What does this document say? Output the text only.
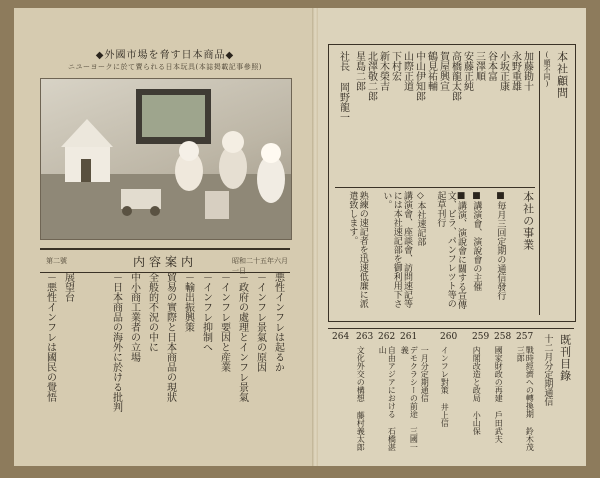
◆外國市場を脅す日本商品◆
ニユーヨークに於て賣られる日本玩具(本誌掲載記事參照)
昭和二十五年六月一日
内容案内
第二號
悪性インフレは起るか
－インフレ景氣の原因
－政府の處理とインフレ景氣
－インフレ要因と産業
－インフレ抑制へ
－輸出振興策
貿易の實際と日本商品の現狀
全般的不況の中に
中小商工業者の立場
－日本商品の海外に於ける批判
展望台
－悪性インフレは國民の覺悟
本社顧問
(順不同)
加藤勘十
永野重雄
小坂正康
谷本富
三澤順
安藤正純
高橋龍太郎
賀屋興宣
鶴見祐輔
中山伊知郎
山際正道
下村宏
新木榮吉
北澤敬二郎
星島二郎
社長 岡野龍一
本社の事業
■毎月三回定期の通信發行
■講演會、演說會の主催
■講演、演說會に關する宣傳文、ビラ、パンフレツト等の起草刊行
◇本社速記部
講演會、座談會、訪問速記等には本社速記部を御利用下さい。
熟練の速記者を迅速低廉に派遣致します。
既刊目錄
十二月分定期通信
257
258
259
260
261
262
263
264
戰時經濟への轉換期 鈴木茂三郎
國家財政の再建 戶田武夫
内閣改造と政局 小山保
インフレ對策 井上信
一月分定期通信
デモクラシーの前途 三國一義
自由アジアにおける 石橋湛山
文化外交の構想 藤村義太郎
